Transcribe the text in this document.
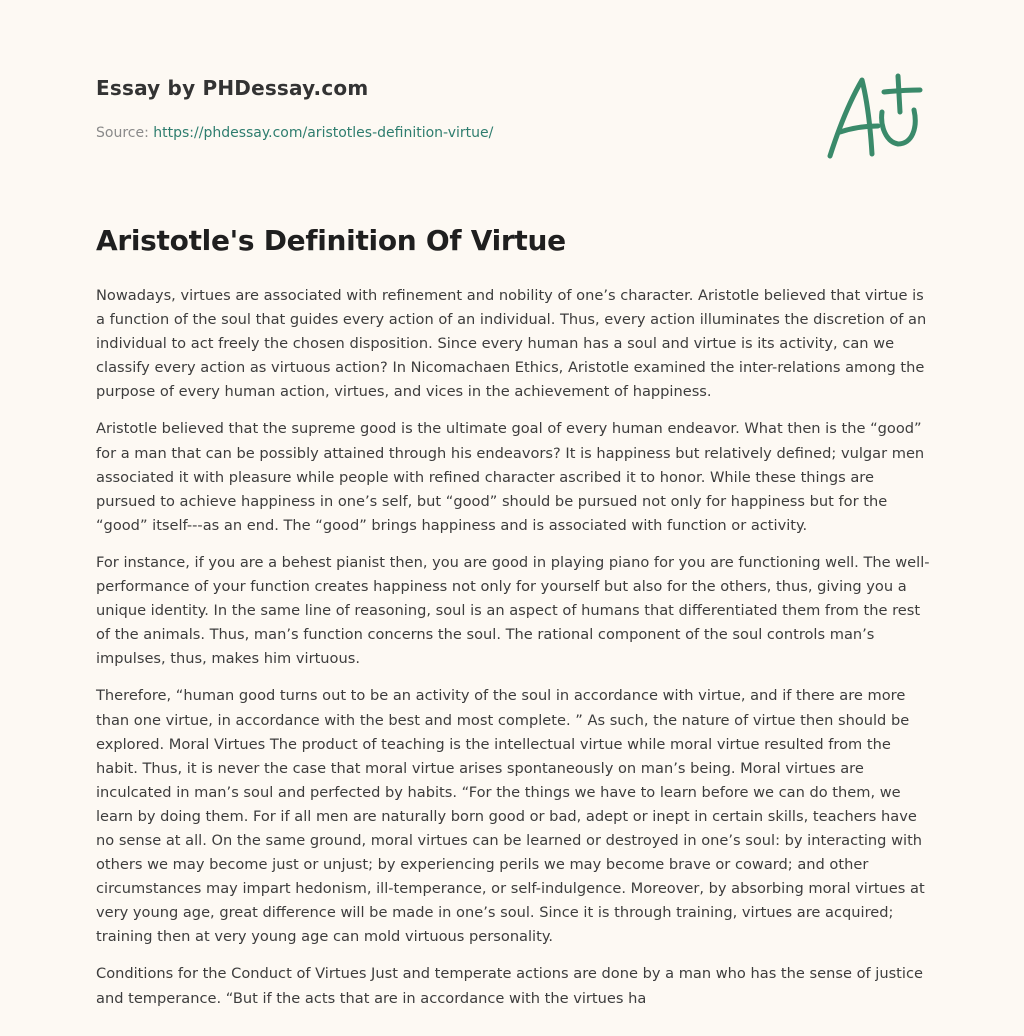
Essay by PHDessay.com
Source: https://phdessay.com/aristotles-definition-virtue/
Aristotle's Definition Of Virtue

Nowadays, virtues are associated with refinement and nobility of one’s character. Aristotle believed that virtue is a function of the soul that guides every action of an individual. Thus, every action illuminates the discretion of an individual to act freely the chosen disposition. Since every human has a soul and virtue is its activity, can we classify every action as virtuous action? In Nicomachaen Ethics, Aristotle examined the inter-relations among the purpose of every human action, virtues, and vices in the achievement of happiness.

Aristotle believed that the supreme good is the ultimate goal of every human endeavor. What then is the “good” for a man that can be possibly attained through his endeavors? It is happiness but relatively defined; vulgar men associated it with pleasure while people with refined character ascribed it to honor. While these things are pursued to achieve happiness in one’s self, but “good” should be pursued not only for happiness but for the “good” itself---as an end. The “good” brings happiness and is associated with function or activity.

For instance, if you are a behest pianist then, you are good in playing piano for you are functioning well. The well-performance of your function creates happiness not only for yourself but also for the others, thus, giving you a unique identity. In the same line of reasoning, soul is an aspect of humans that differentiated them from the rest of the animals. Thus, man’s function concerns the soul. The rational component of the soul controls man’s impulses, thus, makes him virtuous.

Therefore, “human good turns out to be an activity of the soul in accordance with virtue, and if there are more than one virtue, in accordance with the best and most complete. ” As such, the nature of virtue then should be explored. Moral Virtues The product of teaching is the intellectual virtue while moral virtue resulted from the habit. Thus, it is never the case that moral virtue arises spontaneously on man’s being. Moral virtues are inculcated in man’s soul and perfected by habits. “For the things we have to learn before we can do them, we learn by doing them. For if all men are naturally born good or bad, adept or inept in certain skills, teachers have no sense at all. On the same ground, moral virtues can be learned or destroyed in one’s soul: by interacting with others we may become just or unjust; by experiencing perils we may become brave or coward; and other circumstances may impart hedonism, ill-temperance, or self-indulgence. Moreover, by absorbing moral virtues at very young age, great difference will be made in one’s soul. Since it is through training, virtues are acquired; training then at very young age can mold virtuous personality.

Conditions for the Conduct of Virtues Just and temperate actions are done by a man who has the sense of justice and temperance. “But if the acts that are in accordance with the virtues ha
